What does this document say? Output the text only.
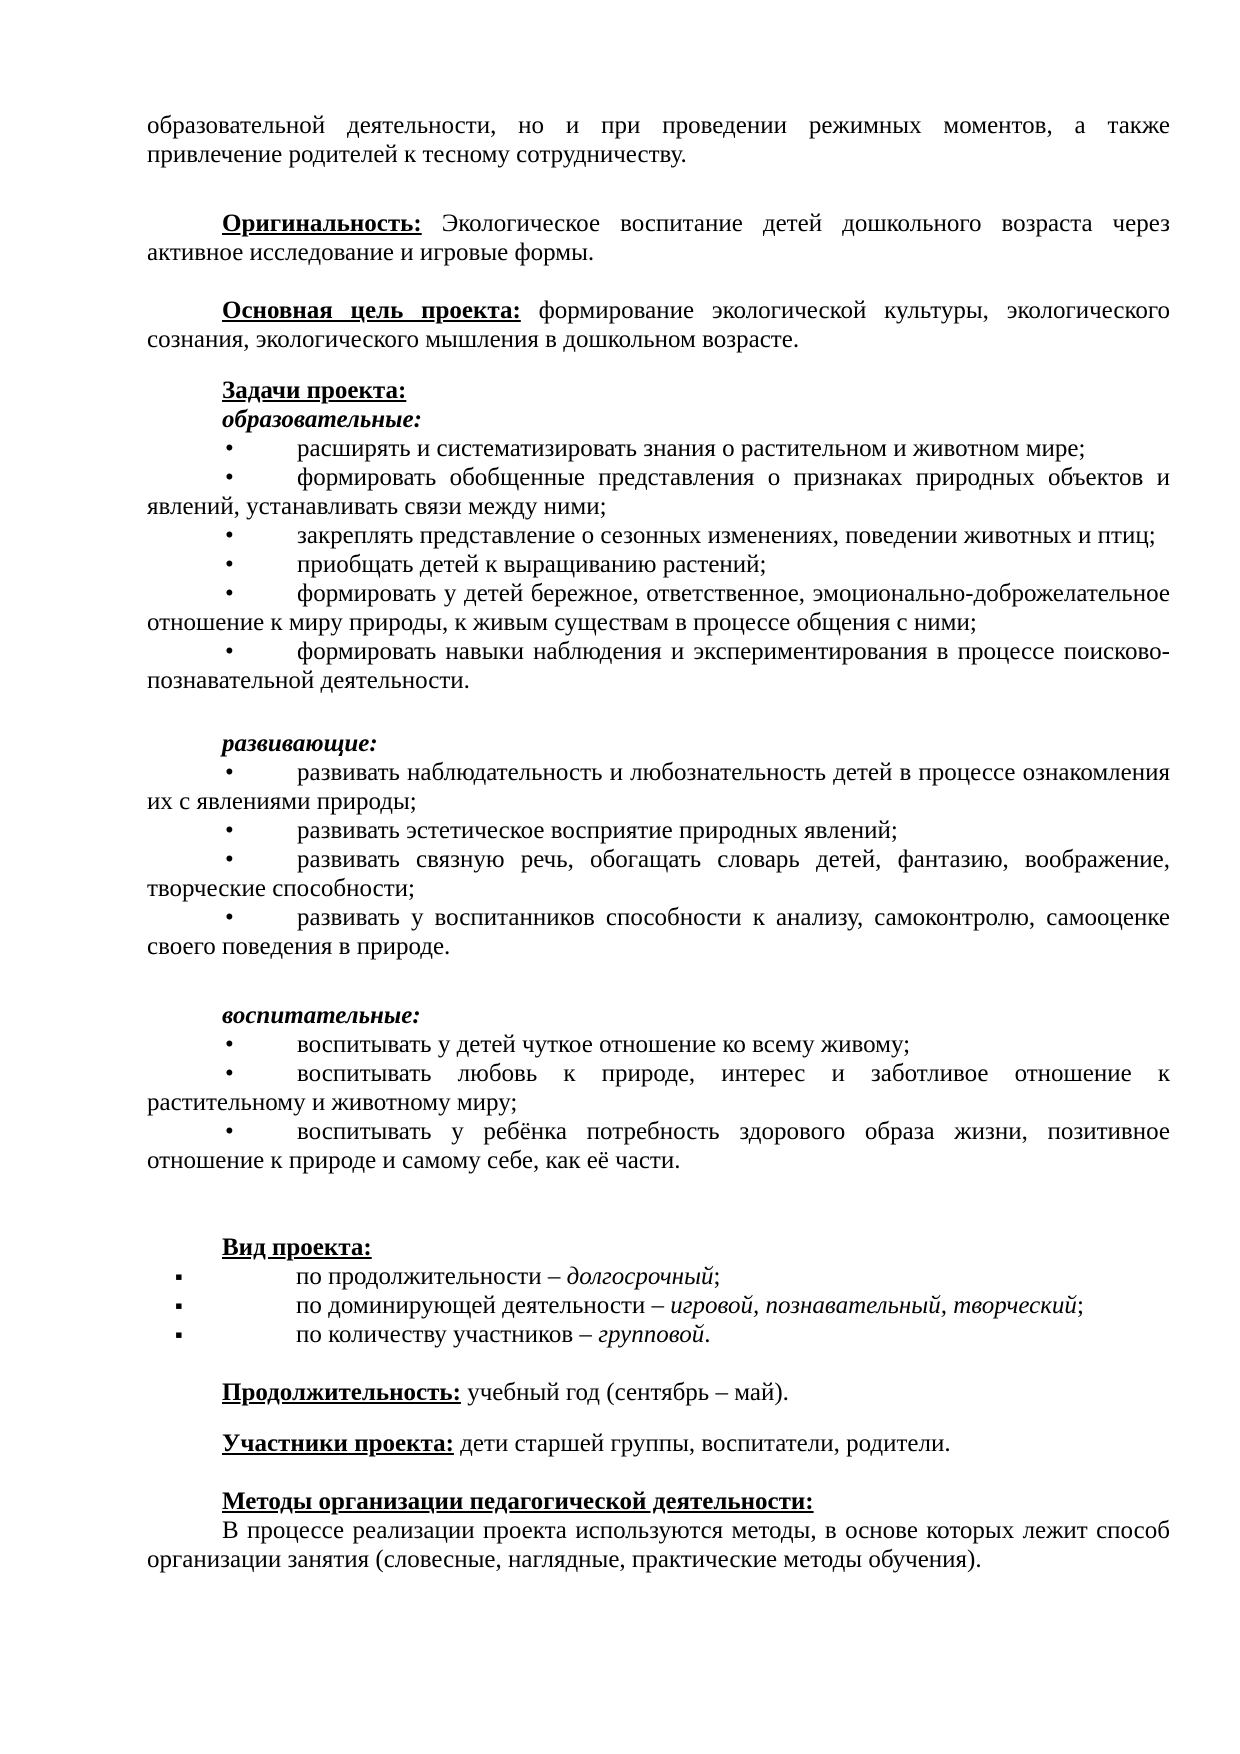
образовательной деятельности, но и при проведении режимных моментов, а также привлечение родителей к тесному сотрудничеству.

Оригинальность: Экологическое воспитание детей дошкольного возраста через активное исследование и игровые формы.

Основная цель проекта: формирование экологической культуры, экологического сознания, экологического мышления в дошкольном возрасте.

Задачи проекта:

образовательные:

•	расширять и систематизировать знания о растительном и животном мире;

•	формировать обобщенные представления о признаках природных объектов и явлений, устанавливать связи между ними;

•	закреплять представление о сезонных изменениях, поведении животных и птиц;

•	приобщать детей к выращиванию растений;

•	формировать у детей бережное, ответственное, эмоционально-доброжелательное отношение к миру природы, к живым существам в процессе общения с ними;

•	формировать навыки наблюдения и экспериментирования в процессе поисково-познавательной деятельности.

развивающие:

•	развивать наблюдательность и любознательность детей в процессе ознакомления их с явлениями природы;

•	развивать эстетическое восприятие природных явлений;

•	развивать связную речь, обогащать словарь детей, фантазию, воображение, творческие способности;

•	развивать у воспитанников способности к анализу, самоконтролю, самооценке своего поведения в природе.

воспитательные:

•	воспитывать у детей чуткое отношение ко всему живому;

•	воспитывать любовь к природе, интерес и заботливое отношение к растительному и животному миру;

•	воспитывать у ребёнка потребность здорового образа жизни, позитивное отношение к природе и самому себе, как её части.

Вид проекта:

▪	по продолжительности – долгосрочный;

▪	по доминирующей деятельности – игровой, познавательный, творческий;

▪	по количеству участников – групповой.

Продолжительность: учебный год (сентябрь – май).

Участники проекта: дети старшей группы, воспитатели, родители.

Методы организации педагогической деятельности:

В процессе реализации проекта используются методы, в основе которых лежит способ организации занятия (словесные, наглядные, практические методы обучения).
